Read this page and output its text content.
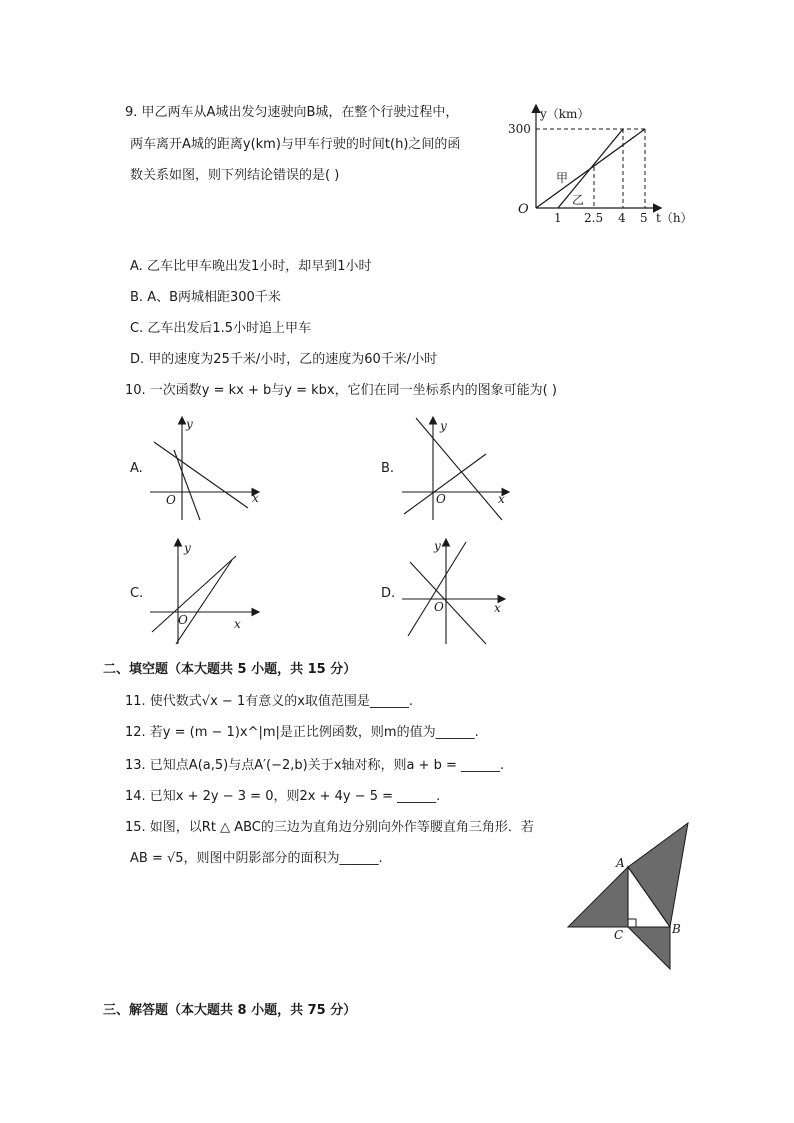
9. 甲乙两车从A城出发匀速驶向B城，在整个行驶过程中，
两车离开A城的距离y(km)与甲车行驶的时间t(h)之间的函
数关系如图，则下列结论错误的是( )
y（km）
300
O
1 2.5 4 5 t（h）
甲
乙
A. 乙车比甲车晚出发1小时，却早到1小时
B. A、B两城相距300千米
C. 乙车出发后1.5小时追上甲车
D. 甲的速度为25千米/小时，乙的速度为60千米/小时
10. 一次函数y = kx + b与y = kbx，它们在同一坐标系内的图象可能为( )
A.
y
x
O
B.
y
x
O
C.
y
x
O
D.
y
x
O
二、填空题（本大题共 5 小题，共 15 分）
11. 使代数式√x − 1有意义的x取值范围是______.
12. 若y = (m − 1)x^|m|是正比例函数，则m的值为______.
13. 已知点A(a,5)与点A′(−2,b)关于x轴对称，则a + b = ______.
14. 已知x + 2y − 3 = 0，则2x + 4y − 5 = ______.
15. 如图，以Rt △ ABC的三边为直角边分别向外作等腰直角三角形．若
AB = √5，则图中阴影部分的面积为______.	A
B
C
三、解答题（本大题共 8 小题，共 75 分）
